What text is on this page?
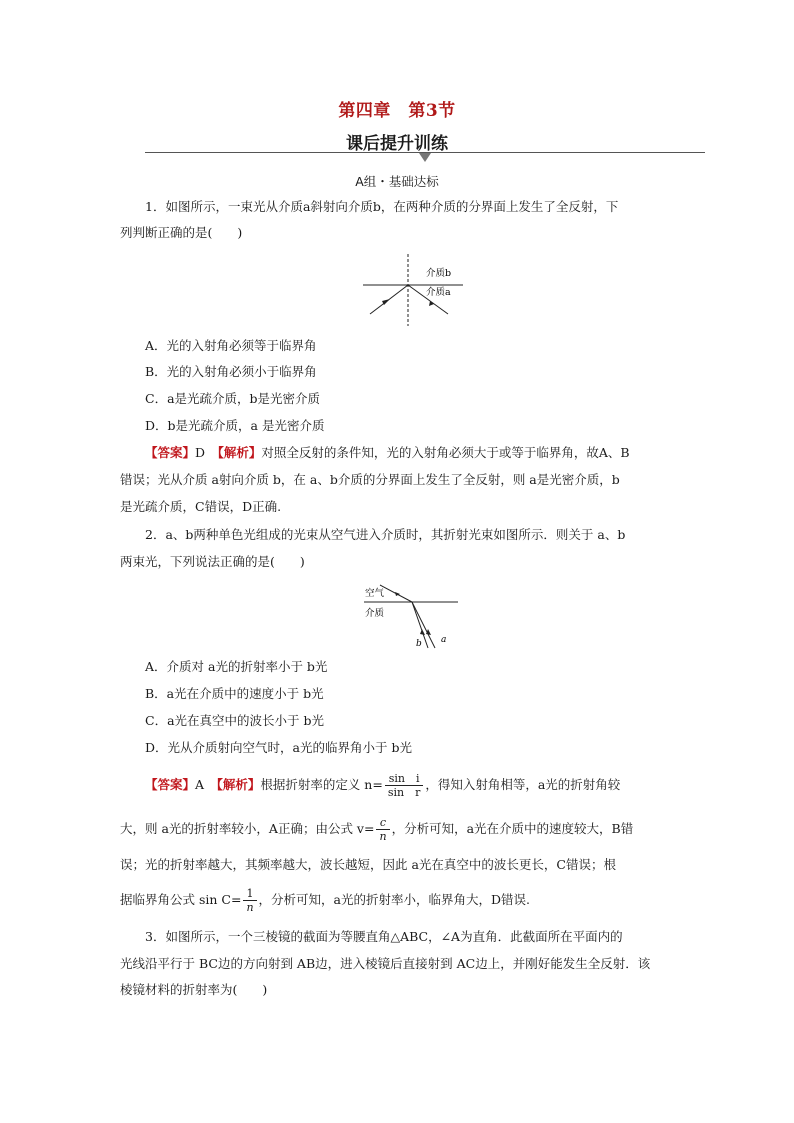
第四章　第3节
课后提升训练
A组・基础达标
1．如图所示，一束光从介质a斜射向介质b，在两种介质的分界面上发生了全反射，下
列判断正确的是(　　)
介质b
介质a
A．光的入射角必须等于临界角
B．光的入射角必须小于临界角
C．a是光疏介质，b是光密介质
D．b是光疏介质，a 是光密介质
【答案】D　 【解析】对照全反射的条件知，光的入射角必须大于或等于临界角，故A、B
错误；光从介质 a射向介质 b，在 a、b介质的分界面上发生了全反射，则 a是光密介质，b
是光疏介质，C错误，D正确.
2．a、b两种单色光组成的光束从空气进入介质时，其折射光束如图所示．则关于 a、b
两束光，下列说法正确的是(　　)
空气
介质
a
b
A．介质对 a光的折射率小于 b光
B．a光在介质中的速度小于 b光
C．a光在真空中的波长小于 b光
D．光从介质射向空气时，a光的临界角小于 b光
【答案】A　 【解析】根据折射率的定义 $n= \frac{\text{sin　i}}{\text{sin　r}}$ ，得知入射角相等，a光的折射角较
大，则 a光的折射率较小，A正确；由公式 $v= \frac{c}{n}$ ，分析可知，a光在介质中的速度较大，B错
误；光的折射率越大，其频率越大，波长越短，因此 a光在真空中的波长更长，C错误；根
据临界角公式 $\sin C= \frac{1}{n}$ ，分析可知，a光的折射率小，临界角大，D错误.
3．如图所示，一个三棱镜的截面为等腰直角△ABC，∠A为直角．此截面所在平面内的
光线沿平行于 BC边的方向射到 AB边，进入棱镜后直接射到 AC边上，并刚好能发生全反射．该
棱镜材料的折射率为(　　)
